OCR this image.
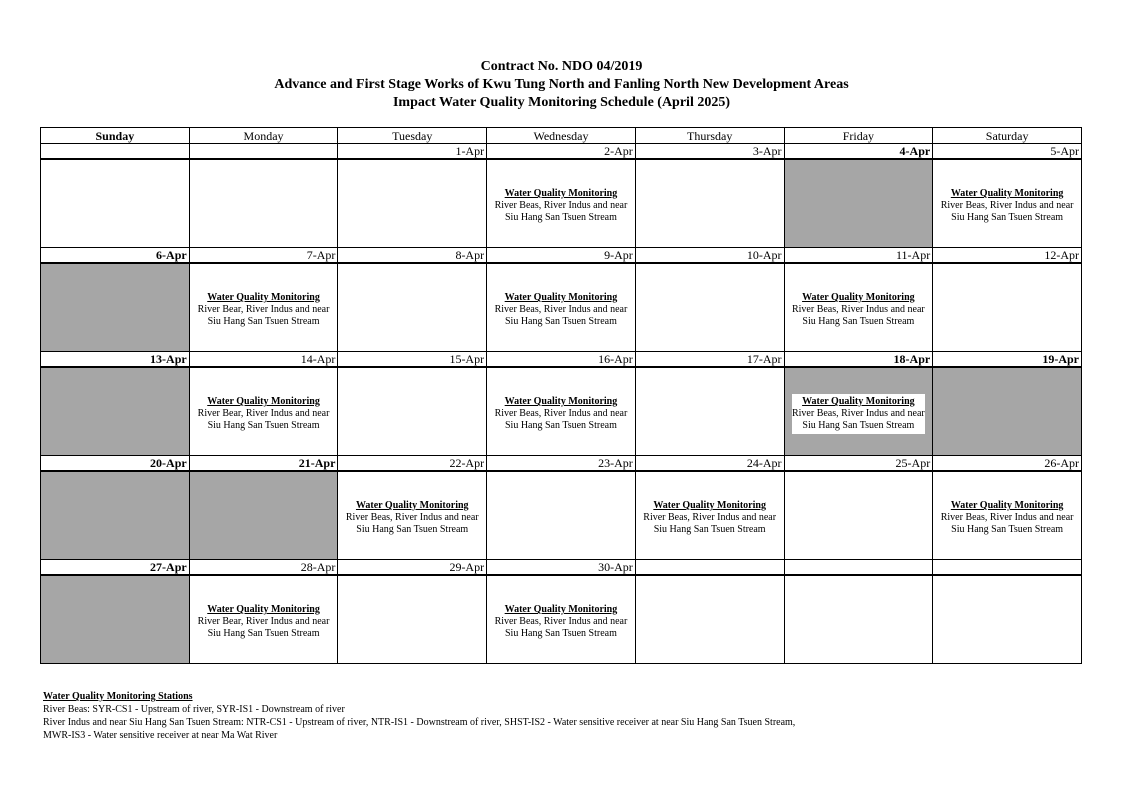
Contract No. NDO 04/2019
Advance and First Stage Works of Kwu Tung North and Fanling North New Development Areas
Impact Water Quality Monitoring Schedule (April 2025)
Sunday	Monday	Tuesday	Wednesday	Thursday	Friday	Saturday
		1-Apr	2-Apr	3-Apr	4-Apr	5-Apr

			Water Quality Monitoring
River Beas, River Indus and near
Siu Hang San Tsuen Stream			Water Quality Monitoring
River Beas, River Indus and near
Siu Hang San Tsuen Stream

6-Apr	7-Apr	8-Apr	9-Apr	10-Apr	11-Apr	12-Apr

	Water Quality Monitoring
River Bear, River Indus and near
Siu Hang San Tsuen Stream		Water Quality Monitoring
River Beas, River Indus and near
Siu Hang San Tsuen Stream		Water Quality Monitoring
River Beas, River Indus and near
Siu Hang San Tsuen Stream	

13-Apr	14-Apr	15-Apr	16-Apr	17-Apr	18-Apr	19-Apr

	Water Quality Monitoring
River Bear, River Indus and near
Siu Hang San Tsuen Stream		Water Quality Monitoring
River Beas, River Indus and near
Siu Hang San Tsuen Stream		Water Quality Monitoring
River Beas, River Indus and near
Siu Hang San Tsuen Stream	

20-Apr	21-Apr	22-Apr	23-Apr	24-Apr	25-Apr	26-Apr

		Water Quality Monitoring
River Beas, River Indus and near
Siu Hang San Tsuen Stream		Water Quality Monitoring
River Beas, River Indus and near
Siu Hang San Tsuen Stream		Water Quality Monitoring
River Beas, River Indus and near
Siu Hang San Tsuen Stream

27-Apr	28-Apr	29-Apr	30-Apr			

	Water Quality Monitoring
River Bear, River Indus and near
Siu Hang San Tsuen Stream		Water Quality Monitoring
River Beas, River Indus and near
Siu Hang San Tsuen Stream			

Water Quality Monitoring Stations
River Beas: SYR-CS1 - Upstream of river, SYR-IS1 - Downstream of river
River Indus and near Siu Hang San Tsuen Stream: NTR-CS1 - Upstream of river, NTR-IS1 - Downstream of river, SHST-IS2 - Water sensitive receiver at near Siu Hang San Tsuen Stream,
MWR-IS3 - Water sensitive receiver at near Ma Wat River
